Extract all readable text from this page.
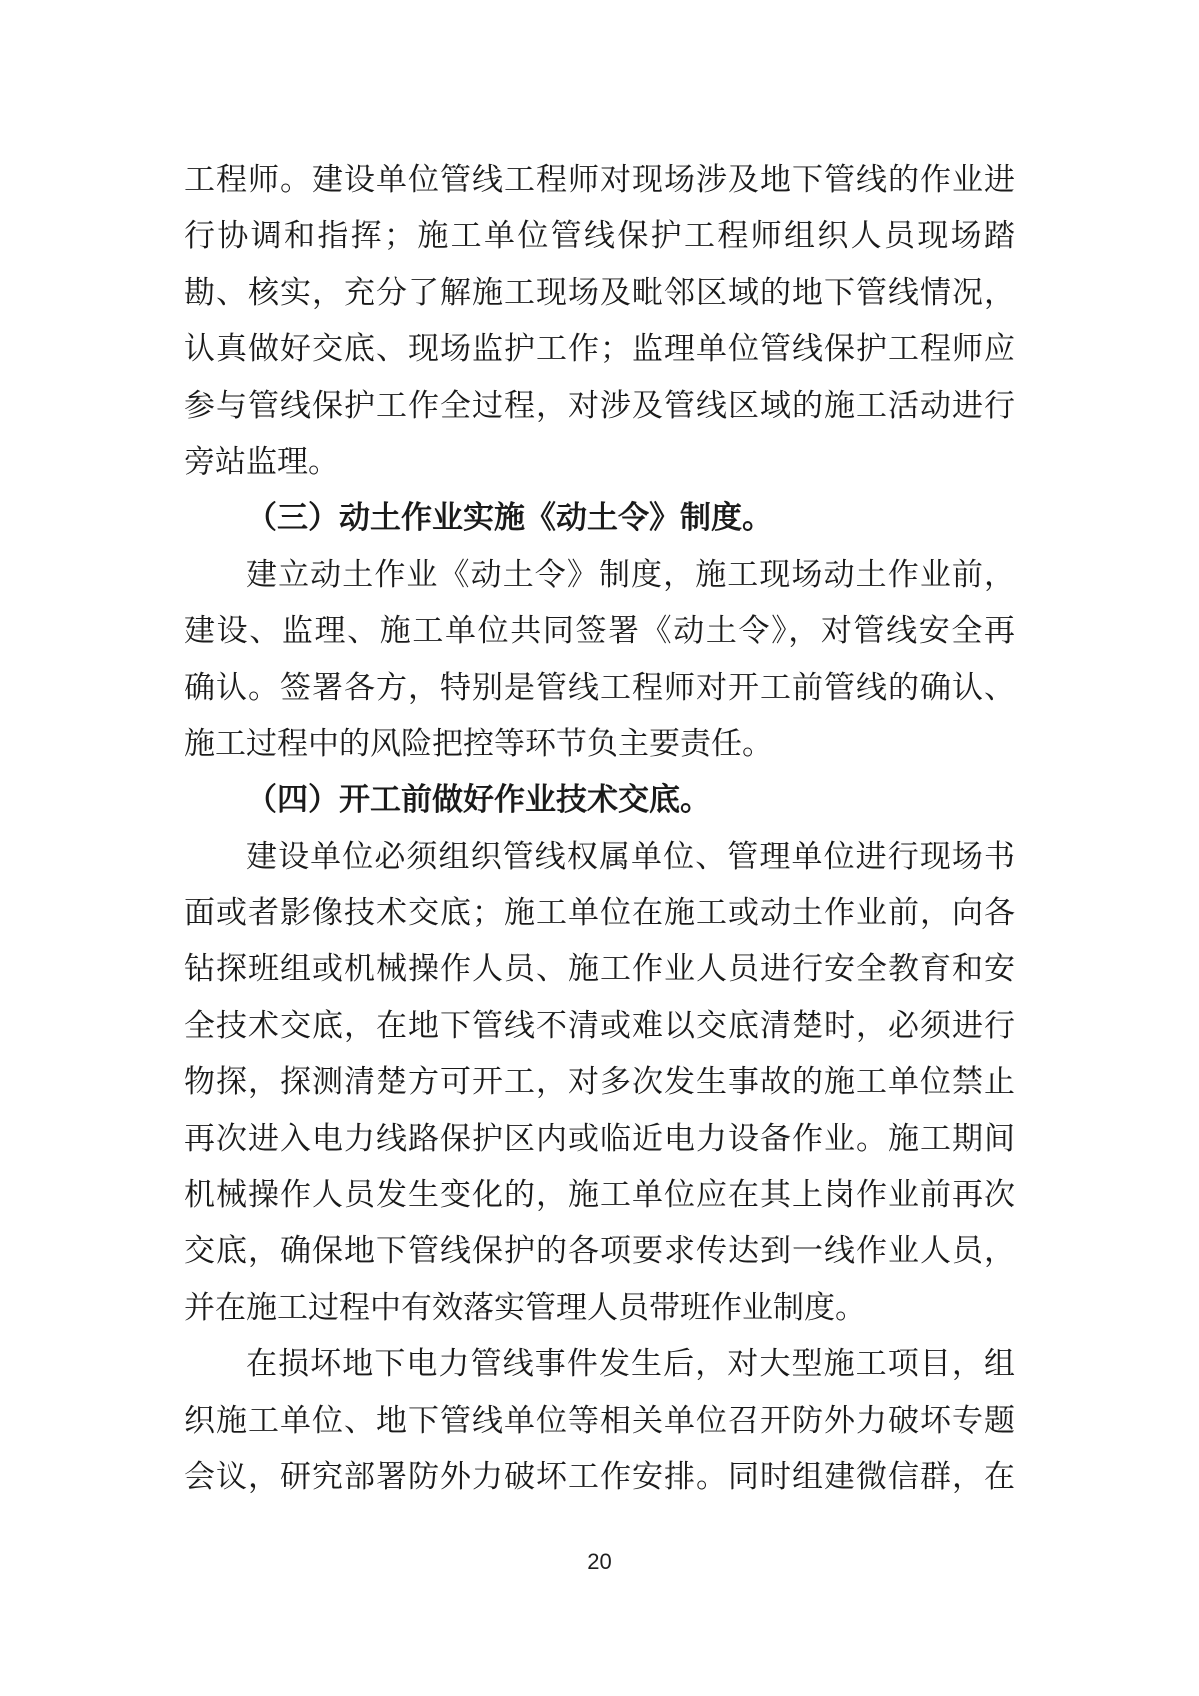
工程师。建设单位管线工程师对现场涉及地下管线的作业进
行协调和指挥；施工单位管线保护工程师组织人员现场踏
勘、核实，充分了解施工现场及毗邻区域的地下管线情况，
认真做好交底、现场监护工作；监理单位管线保护工程师应
参与管线保护工作全过程，对涉及管线区域的施工活动进行
旁站监理。
（三）动土作业实施《动土令》制度。
建立动土作业《动土令》制度，施工现场动土作业前，
建设、监理、施工单位共同签署《动土令》，对管线安全再
确认。签署各方，特别是管线工程师对开工前管线的确认、
施工过程中的风险把控等环节负主要责任。
（四）开工前做好作业技术交底。
建设单位必须组织管线权属单位、管理单位进行现场书
面或者影像技术交底；施工单位在施工或动土作业前，向各
钻探班组或机械操作人员、施工作业人员进行安全教育和安
全技术交底，在地下管线不清或难以交底清楚时，必须进行
物探，探测清楚方可开工，对多次发生事故的施工单位禁止
再次进入电力线路保护区内或临近电力设备作业。施工期间
机械操作人员发生变化的，施工单位应在其上岗作业前再次
交底，确保地下管线保护的各项要求传达到一线作业人员，
并在施工过程中有效落实管理人员带班作业制度。
在损坏地下电力管线事件发生后，对大型施工项目，组
织施工单位、地下管线单位等相关单位召开防外力破坏专题
会议，研究部署防外力破坏工作安排。同时组建微信群，在
20
